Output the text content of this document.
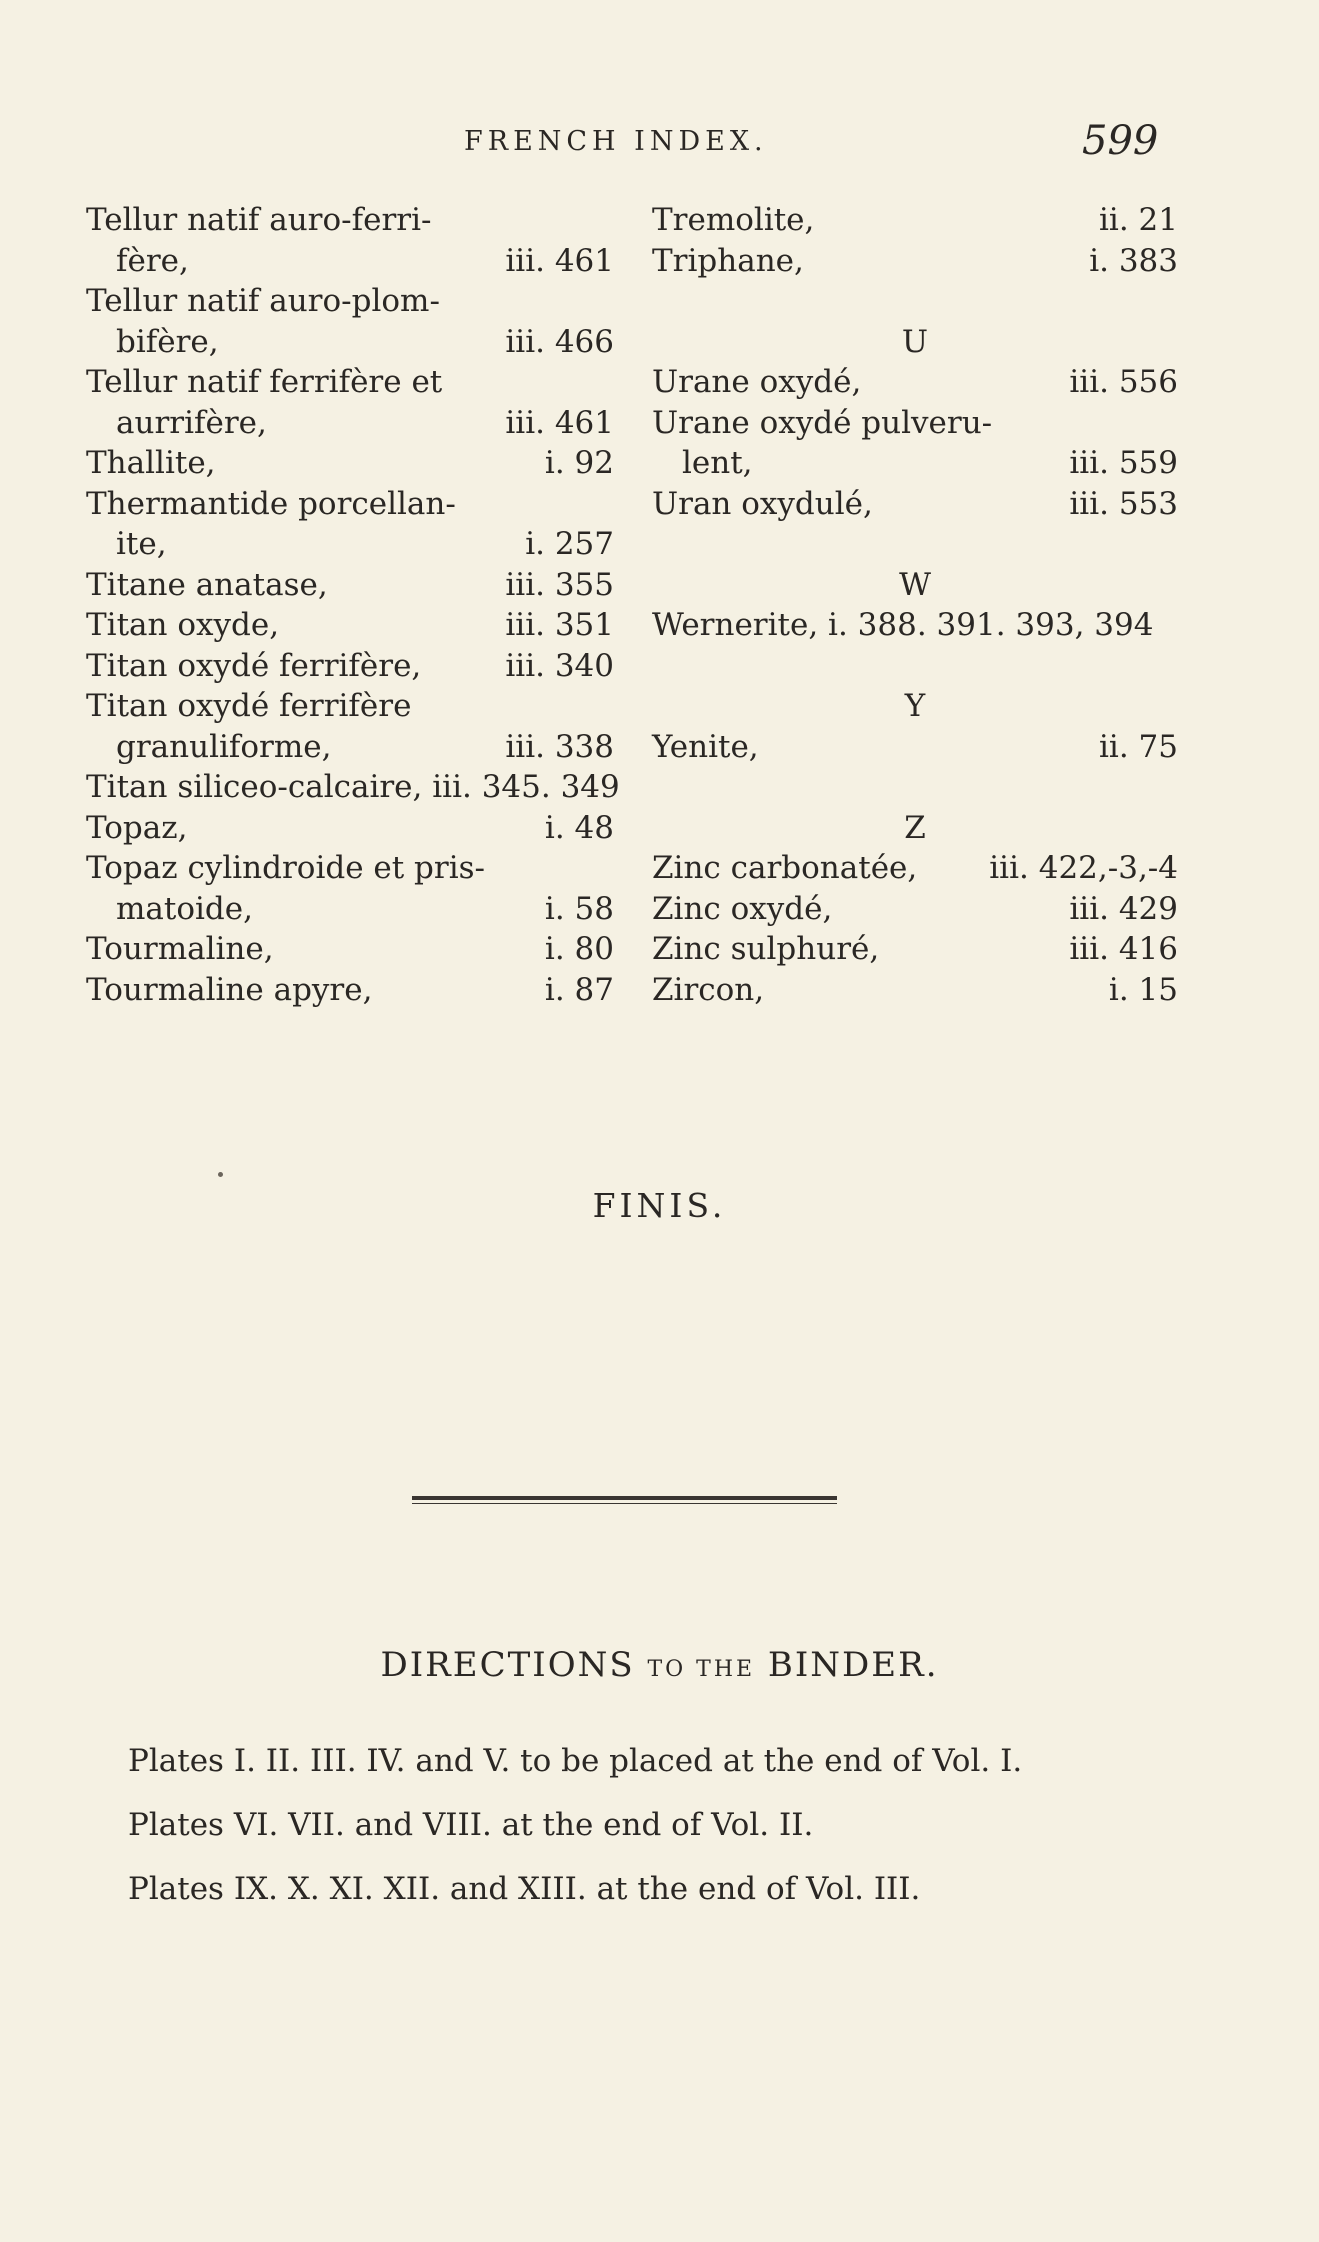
FRENCH INDEX.	599
Tellur natif auro-ferri-
fère,	iii. 461
Tellur natif auro-plom-
bifère,	iii. 466
Tellur natif ferrifère et
aurrifère,	iii. 461
Thallite,	i. 92
Thermantide porcellan-
ite,	i. 257
Titane anatase,	iii. 355
Titan oxyde,	iii. 351
Titan oxydé ferrifère,	iii. 340
Titan oxydé ferrifère
granuliforme,	iii. 338
Titan siliceo-calcaire, iii. 345. 349
Topaz,	i. 48
Topaz cylindroide et pris-
matoide,	i. 58
Tourmaline,	i. 80
Tourmaline apyre,	i. 87
Tremolite,	ii. 21
Triphane,	i. 383
U
Urane oxydé,	iii. 556
Urane oxydé pulveru-
lent,	iii. 559
Uran oxydulé,	iii. 553
W
Wernerite, i. 388. 391. 393, 394
Y
Yenite,	ii. 75
Z
Zinc carbonatée, iii. 422,-3,-4
Zinc oxydé,	iii. 429
Zinc sulphuré,	iii. 416
Zircon,	i. 15
FINIS.
DIRECTIONS TO THE BINDER.
Plates I. II. III. IV. and V. to be placed at the end of Vol. I.
Plates VI. VII. and VIII. at the end of Vol. II.
Plates IX. X. XI. XII. and XIII. at the end of Vol. III.
